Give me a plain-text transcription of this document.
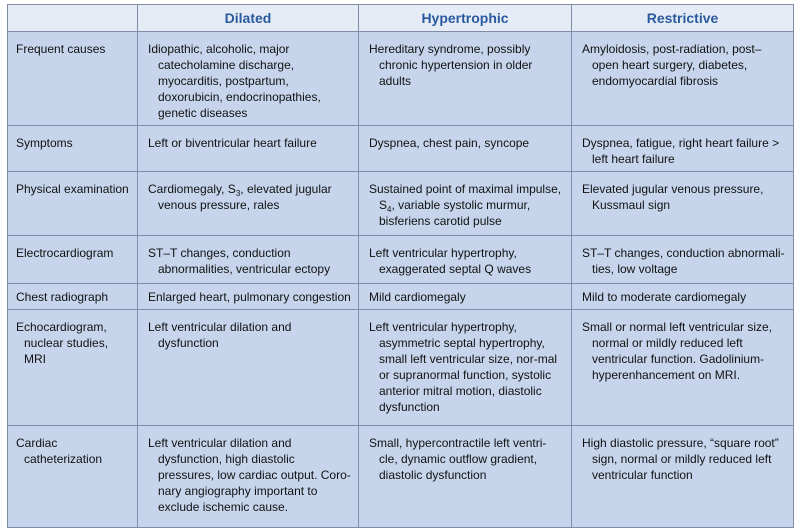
	Dilated	Hypertrophic	Restrictive

Frequent causes	Idiopathic, alcoholic, major catecholamine discharge, myocarditis, postpartum, doxorubicin, endocrinopathies, genetic diseases	Hereditary syndrome, possibly chronic hypertension in older adults	Amyloidosis, post-radiation, post–open heart surgery, diabetes, endomyocardial fibrosis

Symptoms	Left or biventricular heart failure	Dyspnea, chest pain, syncope	Dyspnea, fatigue, right heart failure > left heart failure

Physical examination	Cardiomegaly, $S_3$, elevated jugular venous pressure, rales	Sustained point of maximal impulse, $S_4$, variable systolic murmur, bisferiens carotid pulse	Elevated jugular venous pressure, Kussmaul sign

Electrocardiogram	ST–T changes, conduction abnormalities, ventricular ectopy	Left ventricular hypertrophy, exaggerated septal Q waves	ST–T changes, conduction abnormali-ties, low voltage

Chest radiograph	Enlarged heart, pulmonary congestion	Mild cardiomegaly	Mild to moderate cardiomegaly

Echocardiogram, nuclear studies, MRI	Left ventricular dilation and dysfunction	Left ventricular hypertrophy, asymmetric septal hypertrophy, small left ventricular size, nor-mal or supranormal function, systolic anterior mitral motion, diastolic dysfunction	Small or normal left ventricular size, normal or mildly reduced left ventricular function. Gadolinium-hyperenhancement on MRI.

Cardiac catheterization	Left ventricular dilation and dysfunction, high diastolic pressures, low cardiac output. Coro-nary angiography important to exclude ischemic cause.	Small, hypercontractile left ventri-cle, dynamic outflow gradient, diastolic dysfunction	High diastolic pressure, “square root” sign, normal or mildly reduced left ventricular function
